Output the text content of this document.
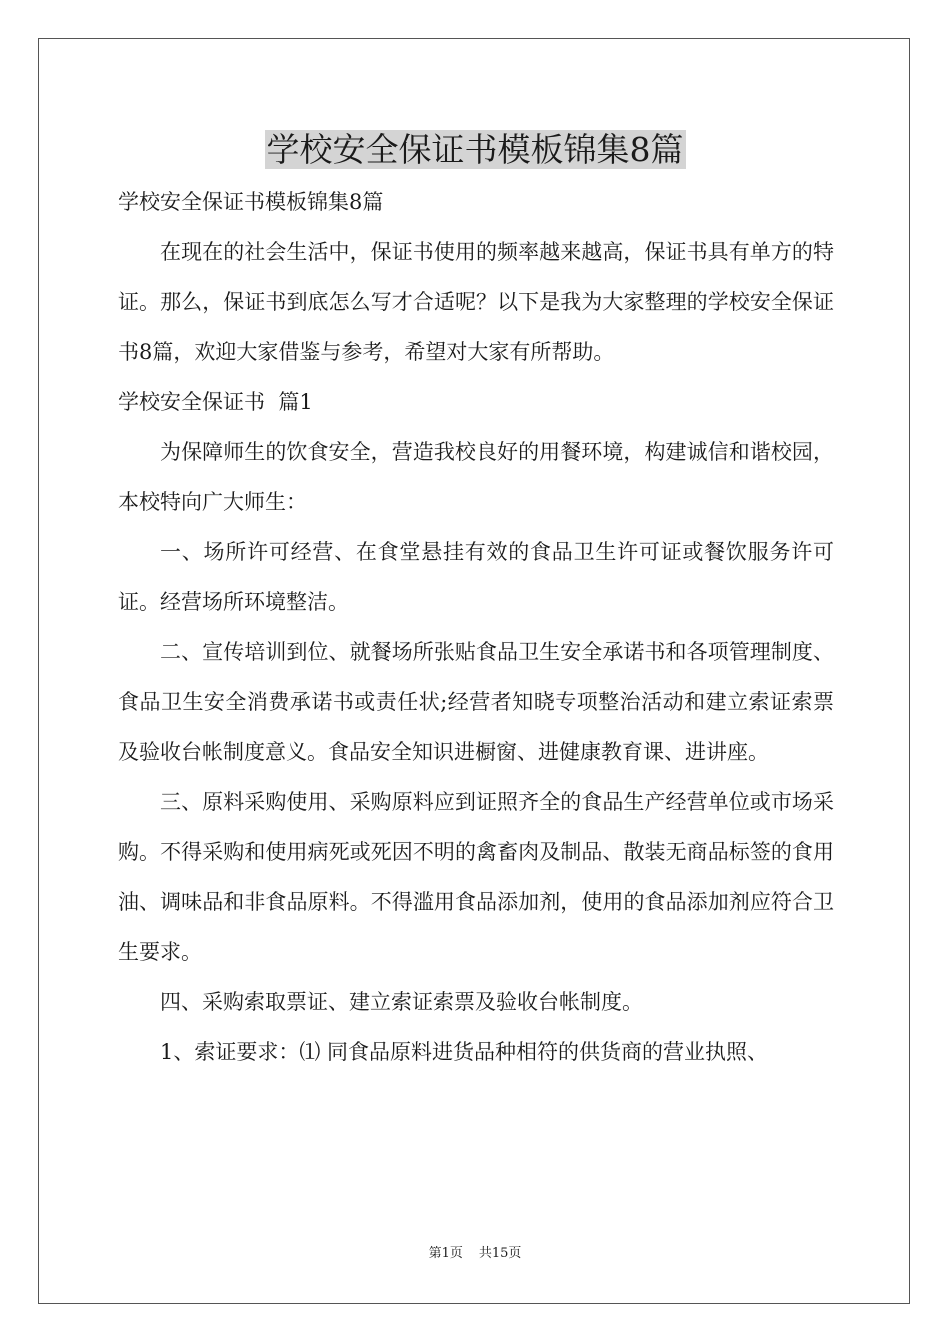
学校安全保证书模板锦集8篇

学校安全保证书模板锦集8篇

在现在的社会生活中，保证书使用的频率越来越高，保证书具有单方的特证。那么，保证书到底怎么写才合适呢？以下是我为大家整理的学校安全保证书8篇，欢迎大家借鉴与参考，希望对大家有所帮助。

学校安全保证书  篇1

为保障师生的饮食安全，营造我校良好的用餐环境，构建诚信和谐校园，本校特向广大师生：

一、场所许可经营、在食堂悬挂有效的食品卫生许可证或餐饮服务许可证。经营场所环境整洁。

二、宣传培训到位、就餐场所张贴食品卫生安全承诺书和各项管理制度、食品卫生安全消费承诺书或责任状;经营者知晓专项整治活动和建立索证索票及验收台帐制度意义。食品安全知识进橱窗、进健康教育课、进讲座。

三、原料采购使用、采购原料应到证照齐全的食品生产经营单位或市场采购。不得采购和使用病死或死因不明的禽畜肉及制品、散装无商品标签的食用油、调味品和非食品原料。不得滥用食品添加剂，使用的食品添加剂应符合卫生要求。

四、采购索取票证、建立索证索票及验收台帐制度。

1、索证要求：⑴ 同食品原料进货品种相符的供货商的营业执照、

第1页 共15页
